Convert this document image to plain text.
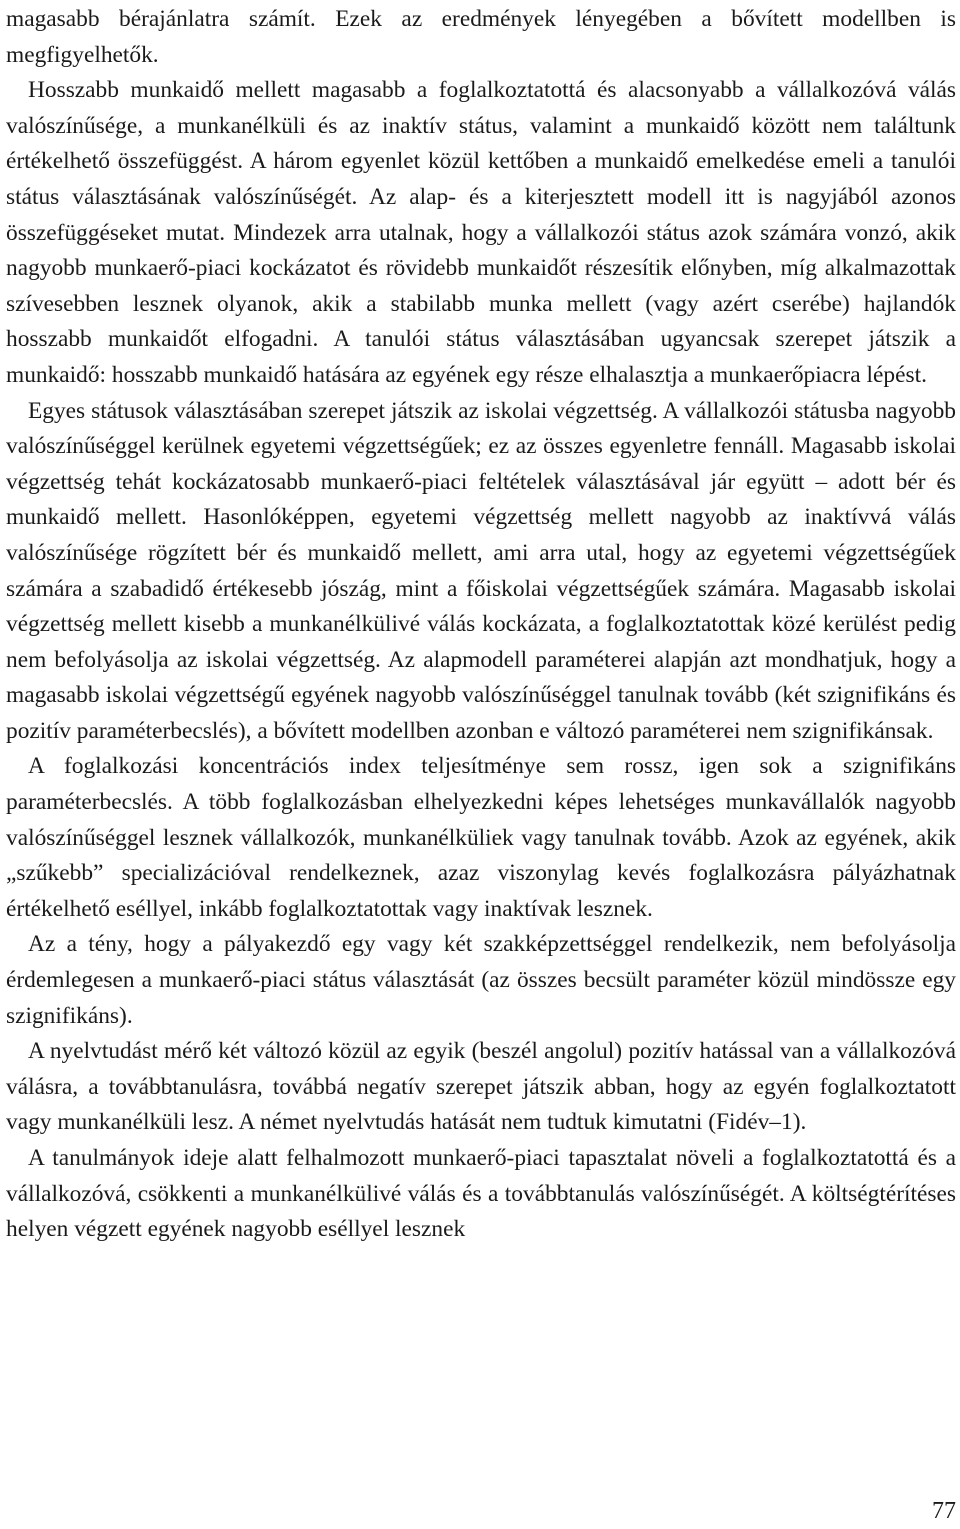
magasabb bérajánlatra számít. Ezek az eredmények lényegében a bővített modellben is megfigyelhetők.

Hosszabb munkaidő mellett magasabb a foglalkoztatottá és alacsonyabb a vállalkozóvá válás valószínűsége, a munkanélküli és az inaktív státus, valamint a munkaidő között nem találtunk értékelhető összefüggést. A három egyenlet közül kettőben a munkaidő emelkedése emeli a tanulói státus választásának valószínűségét. Az alap- és a kiterjesztett modell itt is nagyjából azonos összefüggéseket mutat. Mindezek arra utalnak, hogy a vállalkozói státus azok számára vonzó, akik nagyobb munkaerő-piaci kockázatot és rövidebb munkaidőt részesítik előnyben, míg alkalmazottak szívesebben lesznek olyanok, akik a stabilabb munka mellett (vagy azért cserébe) hajlandók hosszabb munkaidőt elfogadni. A tanulói státus választásában ugyancsak szerepet játszik a munkaidő: hosszabb munkaidő hatására az egyének egy része elhalasztja a munkaerőpiacra lépést.

Egyes státusok választásában szerepet játszik az iskolai végzettség. A vállalkozói státusba nagyobb valószínűséggel kerülnek egyetemi végzettségűek; ez az összes egyenletre fennáll. Magasabb iskolai végzettség tehát kockázatosabb munkaerő-piaci feltételek választásával jár együtt – adott bér és munkaidő mellett. Hasonlóképpen, egyetemi végzettség mellett nagyobb az inaktívvá válás valószínűsége rögzített bér és munkaidő mellett, ami arra utal, hogy az egyetemi végzettségűek számára a szabadidő értékesebb jószág, mint a főiskolai végzettségűek számára. Magasabb iskolai végzettség mellett kisebb a munkanélkülivé válás kockázata, a foglalkoztatottak közé kerülést pedig nem befolyásolja az iskolai végzettség. Az alapmodell paraméterei alapján azt mondhatjuk, hogy a magasabb iskolai végzettségű egyének nagyobb valószínűséggel tanulnak tovább (két szignifikáns és pozitív paraméterbecslés), a bővített modellben azonban e változó paraméterei nem szignifikánsak.

A foglalkozási koncentrációs index teljesítménye sem rossz, igen sok a szignifikáns paraméterbecslés. A több foglalkozásban elhelyezkedni képes lehetséges munkavállalók nagyobb valószínűséggel lesznek vállalkozók, munkanélküliek vagy tanulnak tovább. Azok az egyének, akik „szűkebb” specializációval rendelkeznek, azaz viszonylag kevés foglalkozásra pályázhatnak értékelhető eséllyel, inkább foglalkoztatottak vagy inaktívak lesznek.

Az a tény, hogy a pályakezdő egy vagy két szakképzettséggel rendelkezik, nem befolyásolja érdemlegesen a munkaerő-piaci státus választását (az összes becsült paraméter közül mindössze egy szignifikáns).

A nyelvtudást mérő két változó közül az egyik (beszél angolul) pozitív hatással van a vállalkozóvá válásra, a továbbtanulásra, továbbá negatív szerepet játszik abban, hogy az egyén foglalkoztatott vagy munkanélküli lesz. A német nyelvtudás hatását nem tudtuk kimutatni (Fidév–1).

A tanulmányok ideje alatt felhalmozott munkaerő-piaci tapasztalat növeli a foglalkoztatottá és a vállalkozóvá, csökkenti a munkanélkülivé válás és a továbbtanulás valószínűségét. A költségtérítéses helyen végzett egyének nagyobb eséllyel lesznek

77
